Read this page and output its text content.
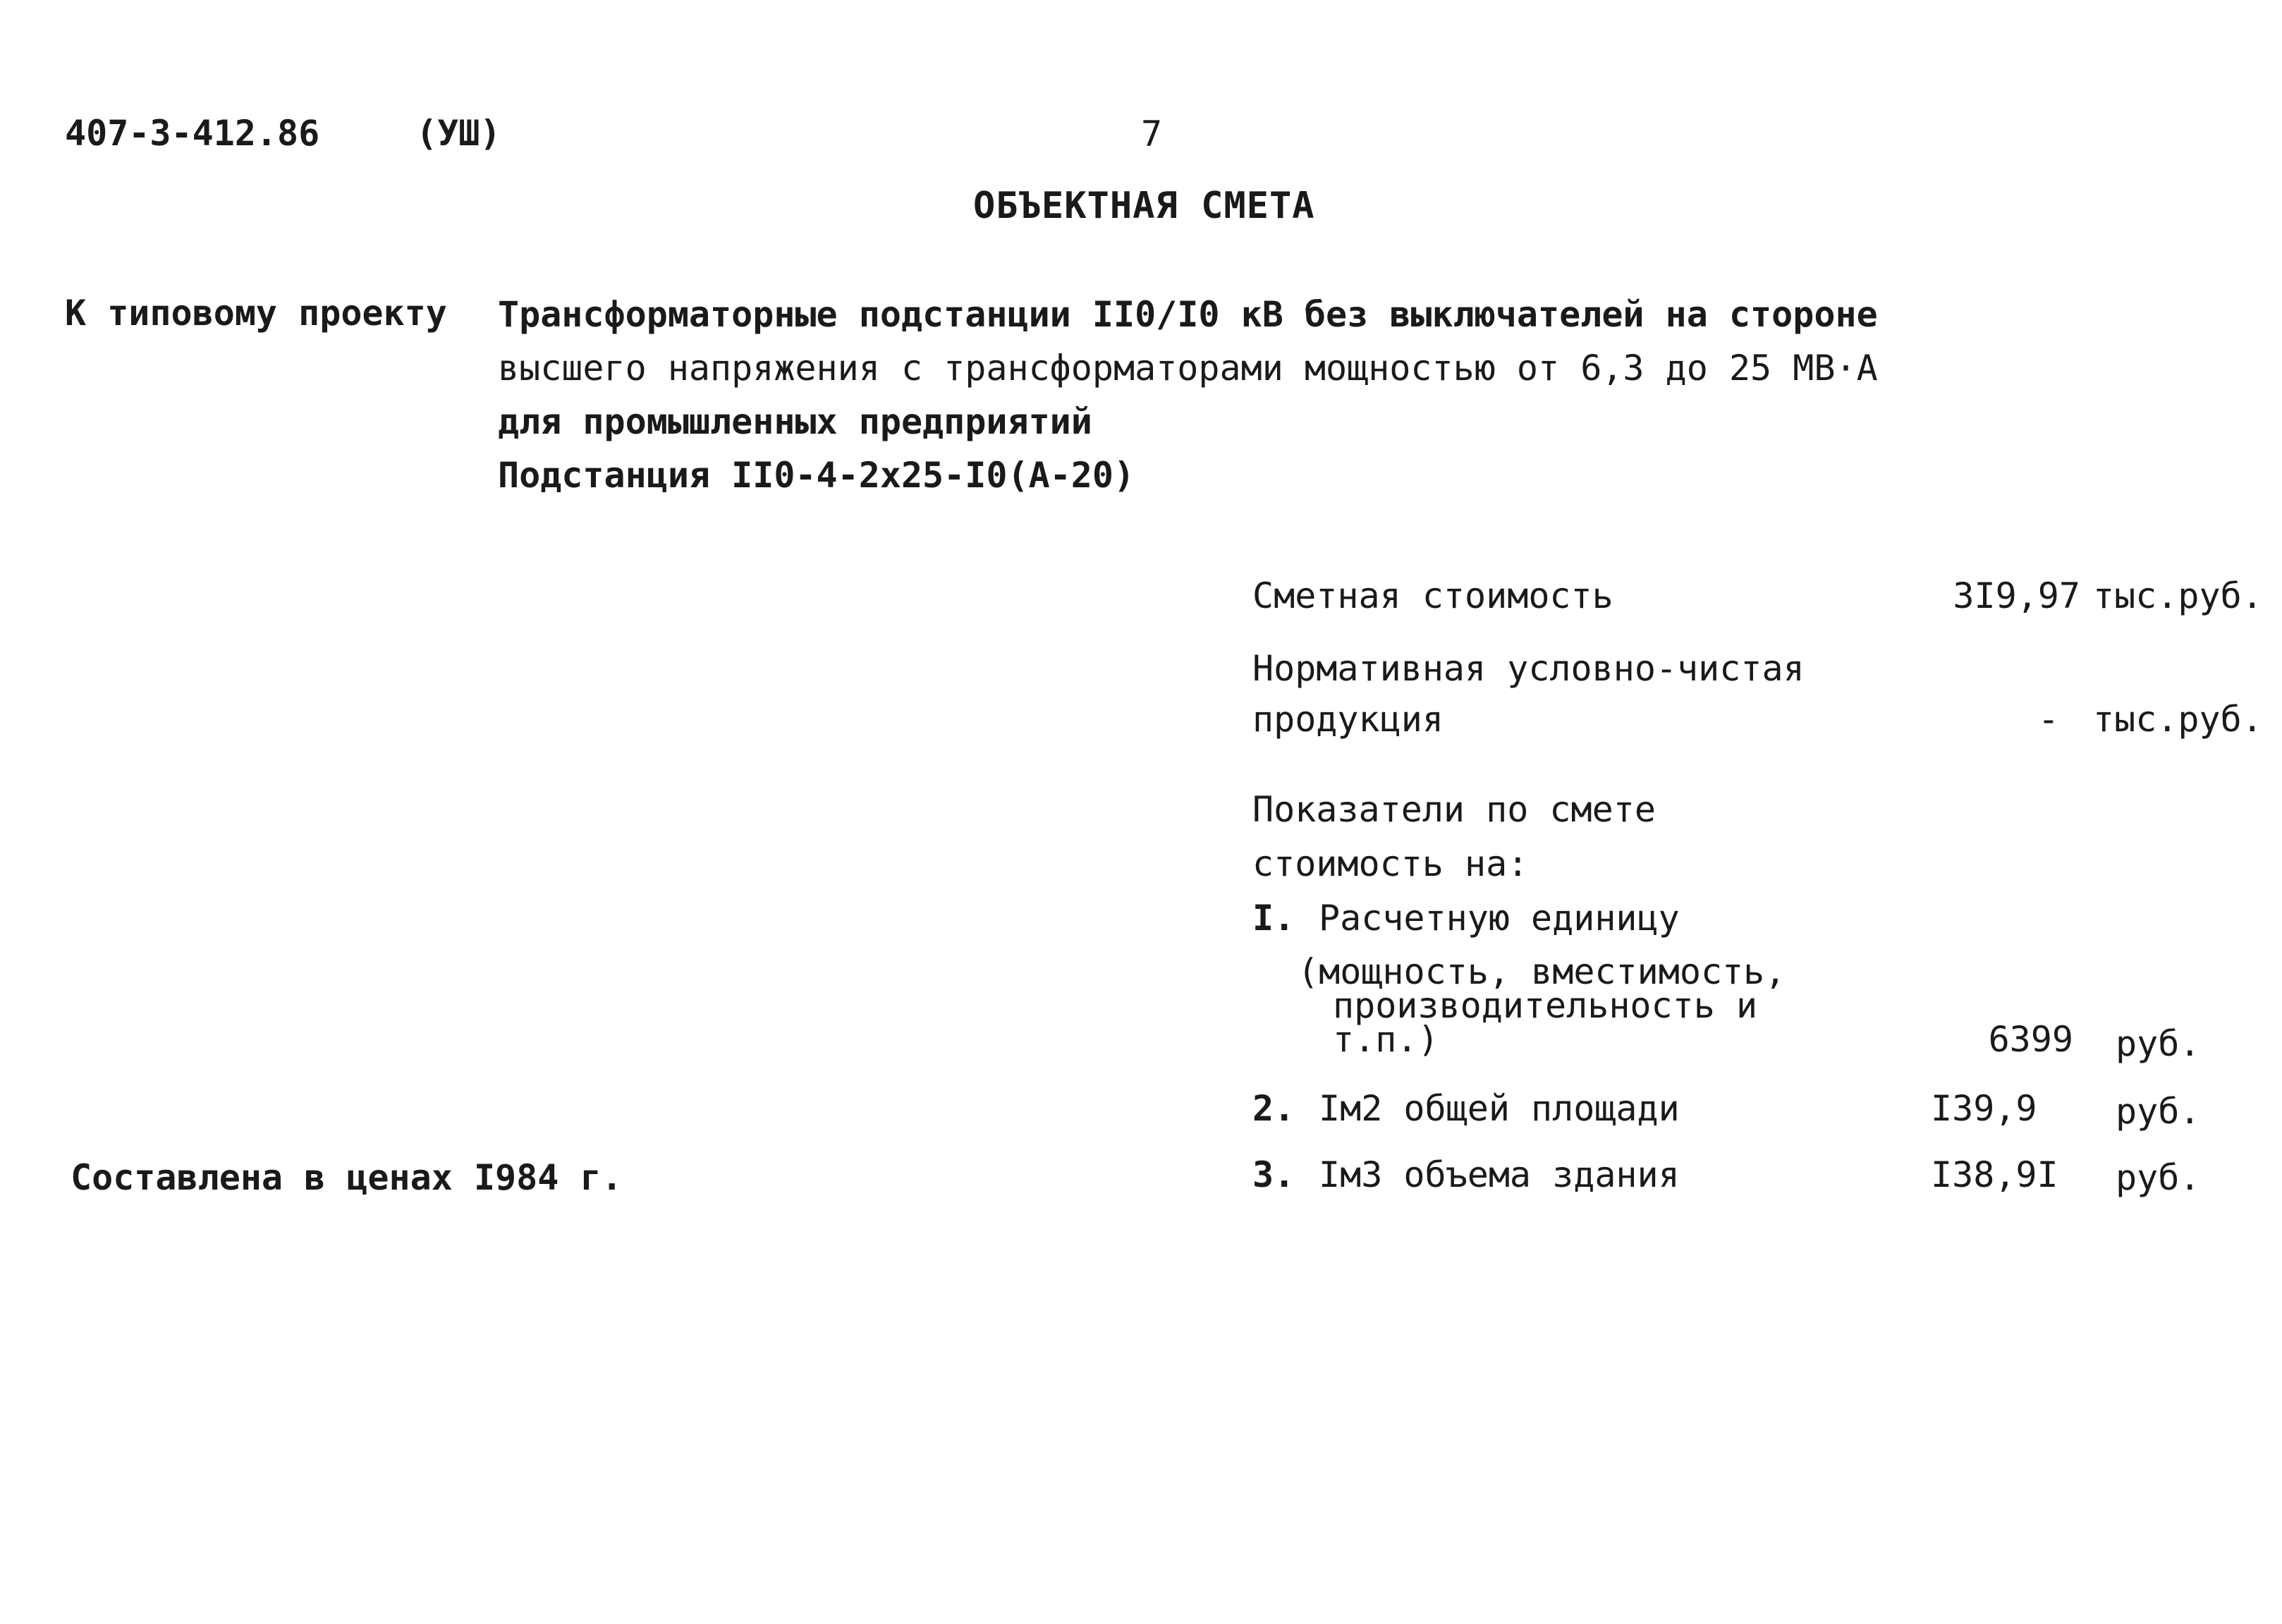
407-3-412.86	(УШ)	7
ОБЪЕКТНАЯ СМЕТА
К типовому проекту Трансформаторные подстанции II0/I0 кВ без выключателей на стороне
высшего напряжения с трансформаторами мощностью от 6,3 до 25 МВ·А
для промышленных предприятий
Подстанция II0-4-2х25-I0(А-20)
Сметная стоимость	3I9,97 тыс.руб.
Нормативная условно-чистая
продукция	- тыс.руб.
Показатели по смете
стоимость на:
I. Расчетную единицу
(мощность, вместимость,
производительность и
т.п.)	6399 руб.
2. Iм2 общей площади	I39,9 руб.
3. Iм3 объема здания	I38,9I руб.
Составлена в ценах I984 г.
